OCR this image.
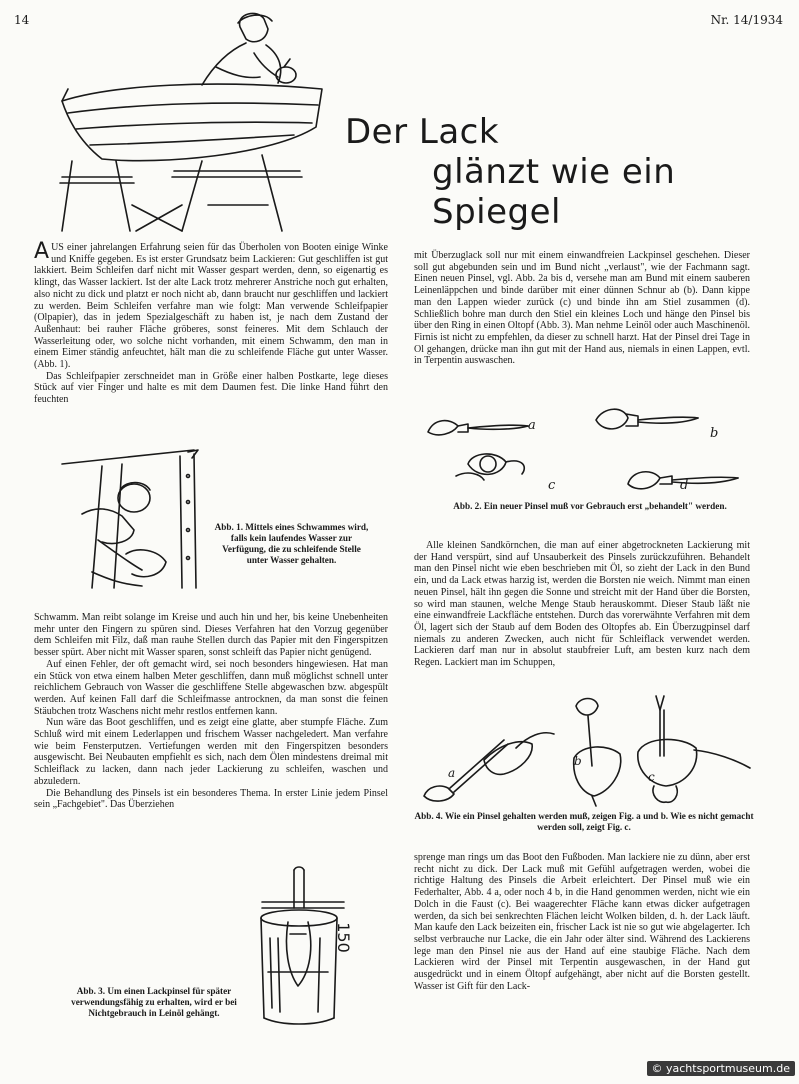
14	Nr. 14/1934
Der Lack
glänzt wie ein Spiegel

AUS einer jahrelangen Erfahrung seien für das Überholen von Booten einige Winke und Kniffe gegeben. Es ist erster Grundsatz beim Lackieren: Gut geschliffen ist gut lakkiert. Beim Schleifen darf nicht mit Wasser gespart werden, denn, so eigenartig es klingt, das Wasser lackiert. Ist der alte Lack trotz mehrerer Anstriche noch gut erhalten, also nicht zu dick und platzt er noch nicht ab, dann braucht nur geschliffen und lackiert zu werden. Beim Schleifen verfahre man wie folgt: Man verwende Schleifpapier (Olpapier), das in jedem Spezialgeschäft zu haben ist, je nach dem Zustand der Außenhaut: bei rauher Fläche gröberes, sonst feineres. Mit dem Schlauch der Wasserleitung oder, wo solche nicht vorhanden, mit einem Schwamm, den man in einem Eimer ständig anfeuchtet, hält man die zu schleifende Fläche gut unter Wasser. (Abb. 1).

Das Schleifpapier zerschneidet man in Größe einer halben Postkarte, lege dieses Stück auf vier Finger und halte es mit dem Daumen fest. Die linke Hand führt den feuchten

Abb. 1. Mittels eines Schwammes wird, falls kein laufendes Wasser zur Verfügung, die zu schleifende Stelle unter Wasser gehalten.

Schwamm. Man reibt solange im Kreise und auch hin und her, bis keine Unebenheiten mehr unter den Fingern zu spüren sind. Dieses Verfahren hat den Vorzug gegenüber dem Schleifen mit Filz, daß man rauhe Stellen durch das Papier mit den Fingerspitzen besser spürt. Aber nicht mit Wasser sparen, sonst schleift das Papier nicht genügend.

Auf einen Fehler, der oft gemacht wird, sei noch besonders hingewiesen. Hat man ein Stück von etwa einem halben Meter geschliffen, dann muß möglichst schnell unter reichlichem Gebrauch von Wasser die geschliffene Stelle abgewaschen bzw. abgespült werden. Auf keinen Fall darf die Schleifmasse antrocknen, da man sonst die feinen Stäubchen trotz Waschens nicht mehr restlos entfernen kann.

Nun wäre das Boot geschliffen, und es zeigt eine glatte, aber stumpfe Fläche. Zum Schluß wird mit einem Lederlappen und frischem Wasser nachgeledert. Man verfahre wie beim Fensterputzen. Vertiefungen werden mit den Fingerspitzen besonders ausgewischt. Bei Neubauten empfiehlt es sich, nach dem Ölen mindestens dreimal mit Schleiflack zu lacken, dann nach jeder Lackierung zu schleifen, waschen und abzuledern.

Die Behandlung des Pinsels ist ein besonderes Thema. In erster Linie jedem Pinsel sein „Fachgebiet". Das Überziehen

150
Abb. 3. Um einen Lackpinsel für später verwendungsfähig zu erhalten, wird er bei Nichtgebrauch in Leinöl gehängt.

mit Überzuglack soll nur mit einem einwandfreien Lackpinsel geschehen. Dieser soll gut abgebunden sein und im Bund nicht „verlaust", wie der Fachmann sagt. Einen neuen Pinsel, vgl. Abb. 2a bis d, versehe man am Bund mit einem sauberen Leinenläppchen und binde darüber mit einer dünnen Schnur ab (b). Dann kippe man den Lappen wieder zurück (c) und binde ihn am Stiel zusammen (d). Schließlich bohre man durch den Stiel ein kleines Loch und hänge den Pinsel bis über den Ring in einen Oltopf (Abb. 3). Man nehme Leinöl oder auch Maschinenöl. Firnis ist nicht zu empfehlen, da dieser zu schnell harzt. Hat der Pinsel drei Tage in Ol gehangen, drücke man ihn gut mit der Hand aus, niemals in einen Lappen, evtl. in Terpentin auswaschen.

a
b
c	d
Abb. 2. Ein neuer Pinsel muß vor Gebrauch erst „behandelt" werden.

Alle kleinen Sandkörnchen, die man auf einer abgetrockneten Lackierung mit der Hand verspürt, sind auf Unsauberkeit des Pinsels zurückzuführen. Behandelt man den Pinsel nicht wie eben beschrieben mit Öl, so zieht der Lack in den Bund ein, und da Lack etwas harzig ist, werden die Borsten nie weich. Nimmt man einen neuen Pinsel, hält ihn gegen die Sonne und streicht mit der Hand über die Borsten, so wird man staunen, welche Menge Staub herauskommt. Dieser Staub läßt nie eine einwandfreie Lackfläche entstehen. Durch das vorerwähnte Verfahren mit dem Öl, lagert sich der Staub auf dem Boden des Oltopfes ab. Ein Überzugpinsel darf niemals zu anderen Zwecken, auch nicht für Schleiflack verwendet werden. Lackieren darf man nur in absolut staubfreier Luft, am besten kurz nach dem Regen. Lackiert man im Schuppen,

a
b
c
Abb. 4. Wie ein Pinsel gehalten werden muß, zeigen Fig. a und b. Wie es nicht gemacht werden soll, zeigt Fig. c.

sprenge man rings um das Boot den Fußboden. Man lackiere nie zu dünn, aber erst recht nicht zu dick. Der Lack muß mit Gefühl aufgetragen werden, wobei die richtige Haltung des Pinsels die Arbeit erleichtert. Der Pinsel muß wie ein Federhalter, Abb. 4 a, oder noch 4 b, in die Hand genommen werden, nicht wie ein Dolch in die Faust (c). Bei waagerechter Fläche kann etwas dicker aufgetragen werden, da sich bei senkrechten Flächen leicht Wolken bilden, d. h. der Lack läuft. Man kaufe den Lack beizeiten ein, frischer Lack ist nie so gut wie abgelagerter. Ich selbst verbrauche nur Lacke, die ein Jahr oder älter sind. Während des Lackierens lege man den Pinsel nie aus der Hand auf eine staubige Fläche. Nach dem Lackieren wird der Pinsel mit Terpentin ausgewaschen, in der Hand gut ausgedrückt und in einem Öltopf aufgehängt, aber nicht auf die Borsten gestellt. Wasser ist Gift für den Lack-

© yachtsportmuseum.de
